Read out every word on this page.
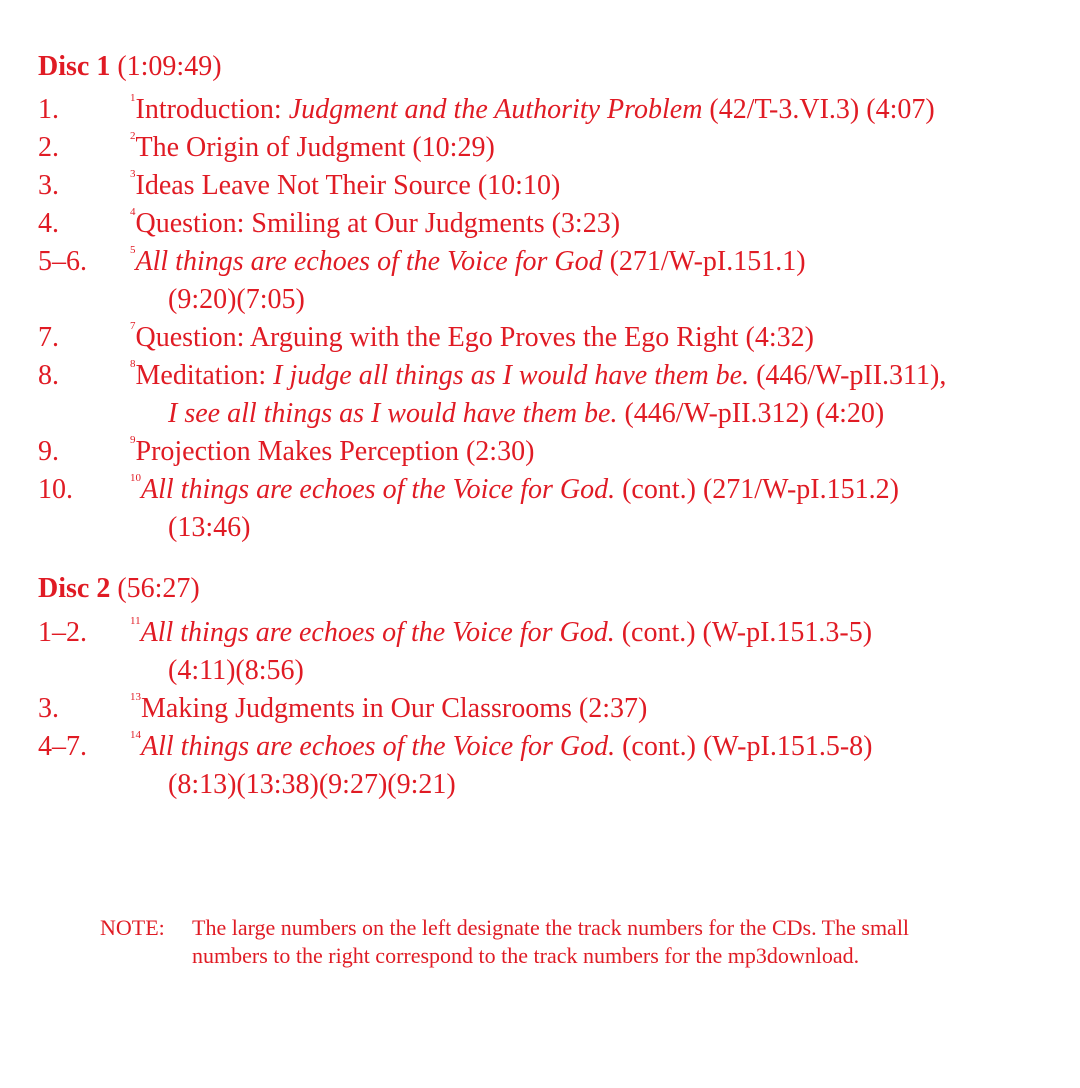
Disc 1 (1:09:49)
1.	$^1$Introduction: Judgment and the Authority Problem (42/T-3.VI.3) (4:07)
2.	$^2$The Origin of Judgment (10:29)
3.	$^3$Ideas Leave Not Their Source (10:10)
4.	$^4$Question: Smiling at Our Judgments (3:23)
5–6.	$^5$All things are echoes of the Voice for God (271/W-pI.151.1)
(9:20)(7:05)
7.	$^7$Question: Arguing with the Ego Proves the Ego Right (4:32)
8.	$^8$Meditation: I judge all things as I would have them be. (446/W-pII.311),
I see all things as I would have them be. (446/W-pII.312) (4:20)
9.	$^9$Projection Makes Perception (2:30)
10.	$^{10}$All things are echoes of the Voice for God. (cont.) (271/W-pI.151.2)
(13:46)
Disc 2 (56:27)
1–2.	$^{11}$All things are echoes of the Voice for God. (cont.) (W-pI.151.3-5)
(4:11)(8:56)
3.	$^{13}$Making Judgments in Our Classrooms (2:37)
4–7.	$^{14}$All things are echoes of the Voice for God. (cont.) (W-pI.151.5-8)
(8:13)(13:38)(9:27)(9:21)
NOTE:	The large numbers on the left designate the track numbers for the CDs. The small
numbers to the right correspond to the track numbers for the mp3download.
